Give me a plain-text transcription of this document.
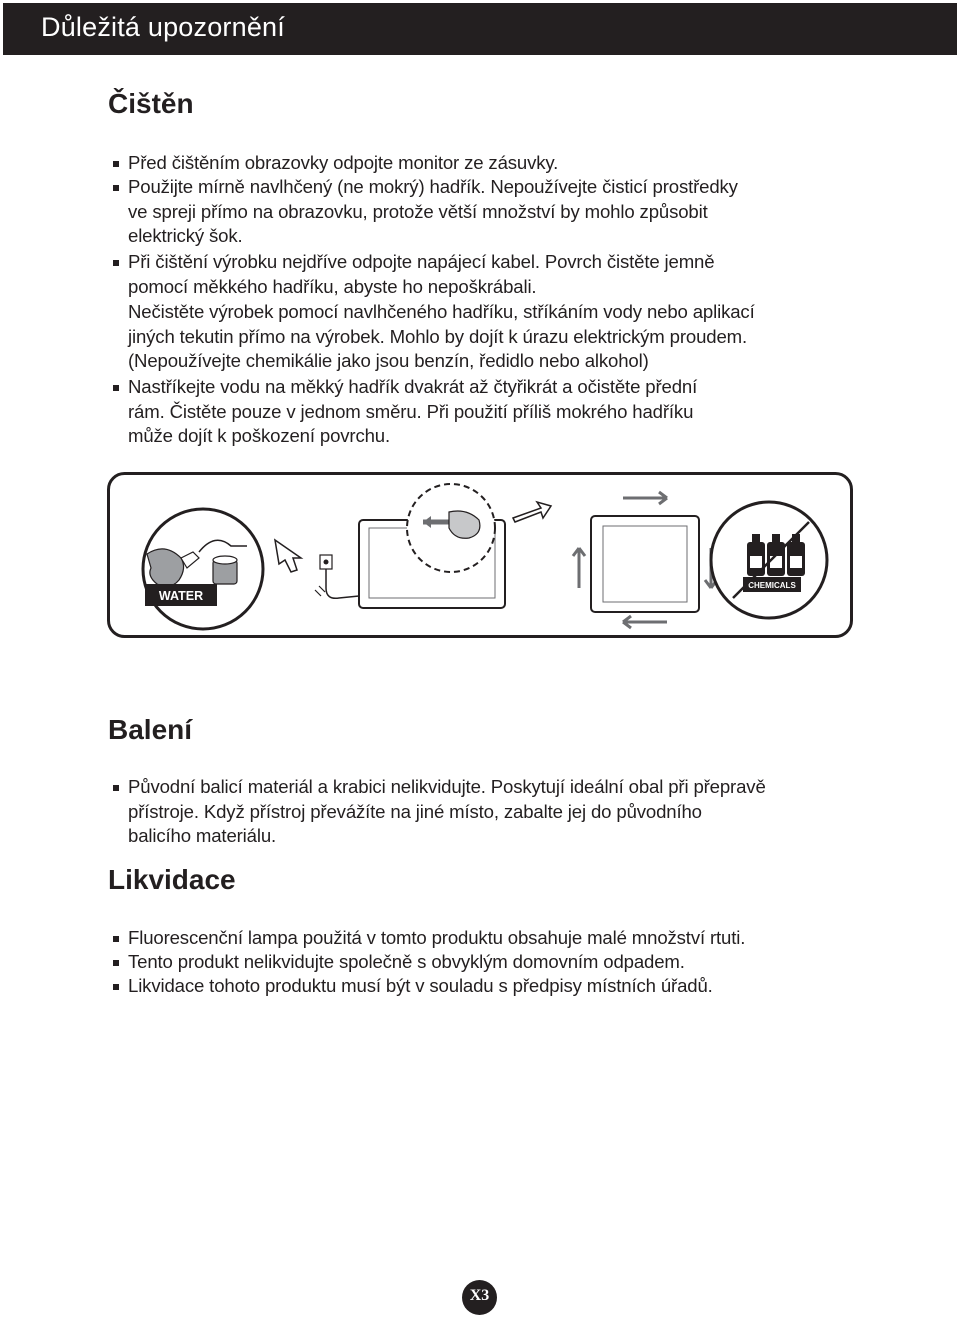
Důležitá upozornění
Čištěn
Před čištěním obrazovky odpojte monitor ze zásuvky.
Použijte mírně navlhčený (ne mokrý) hadřík. Nepoužívejte čisticí prostředky
ve spreji přímo na obrazovku, protože větší množství by mohlo způsobit
elektrický šok.
Při čištění výrobku nejdříve odpojte napájecí kabel. Povrch čistěte jemně
pomocí měkkého hadříku, abyste ho nepoškrábali.
Nečistěte výrobek pomocí navlhčeného hadříku, stříkáním vody nebo aplikací
jiných tekutin přímo na výrobek. Mohlo by dojít k úrazu elektrickým proudem.
(Nepoužívejte chemikálie jako jsou benzín, ředidlo nebo alkohol)
Nastříkejte vodu na měkký hadřík dvakrát až čtyřikrát a očistěte přední
rám. Čistěte pouze v jednom směru. Při použití příliš mokrého hadříku
může dojít k poškození povrchu.
WATER
CHEMICALS
Balení
Původní balicí materiál a krabici nelikvidujte. Poskytují ideální obal při přepravě
přístroje. Když přístroj převážíte na jiné místo, zabalte jej do původního
balicího materiálu.
Likvidace
Fluorescenční lampa použitá v tomto produktu obsahuje malé množství rtuti.
Tento produkt nelikvidujte společně s obvyklým domovním odpadem.
Likvidace tohoto produktu musí být v souladu s předpisy místních úřadů.
X3
